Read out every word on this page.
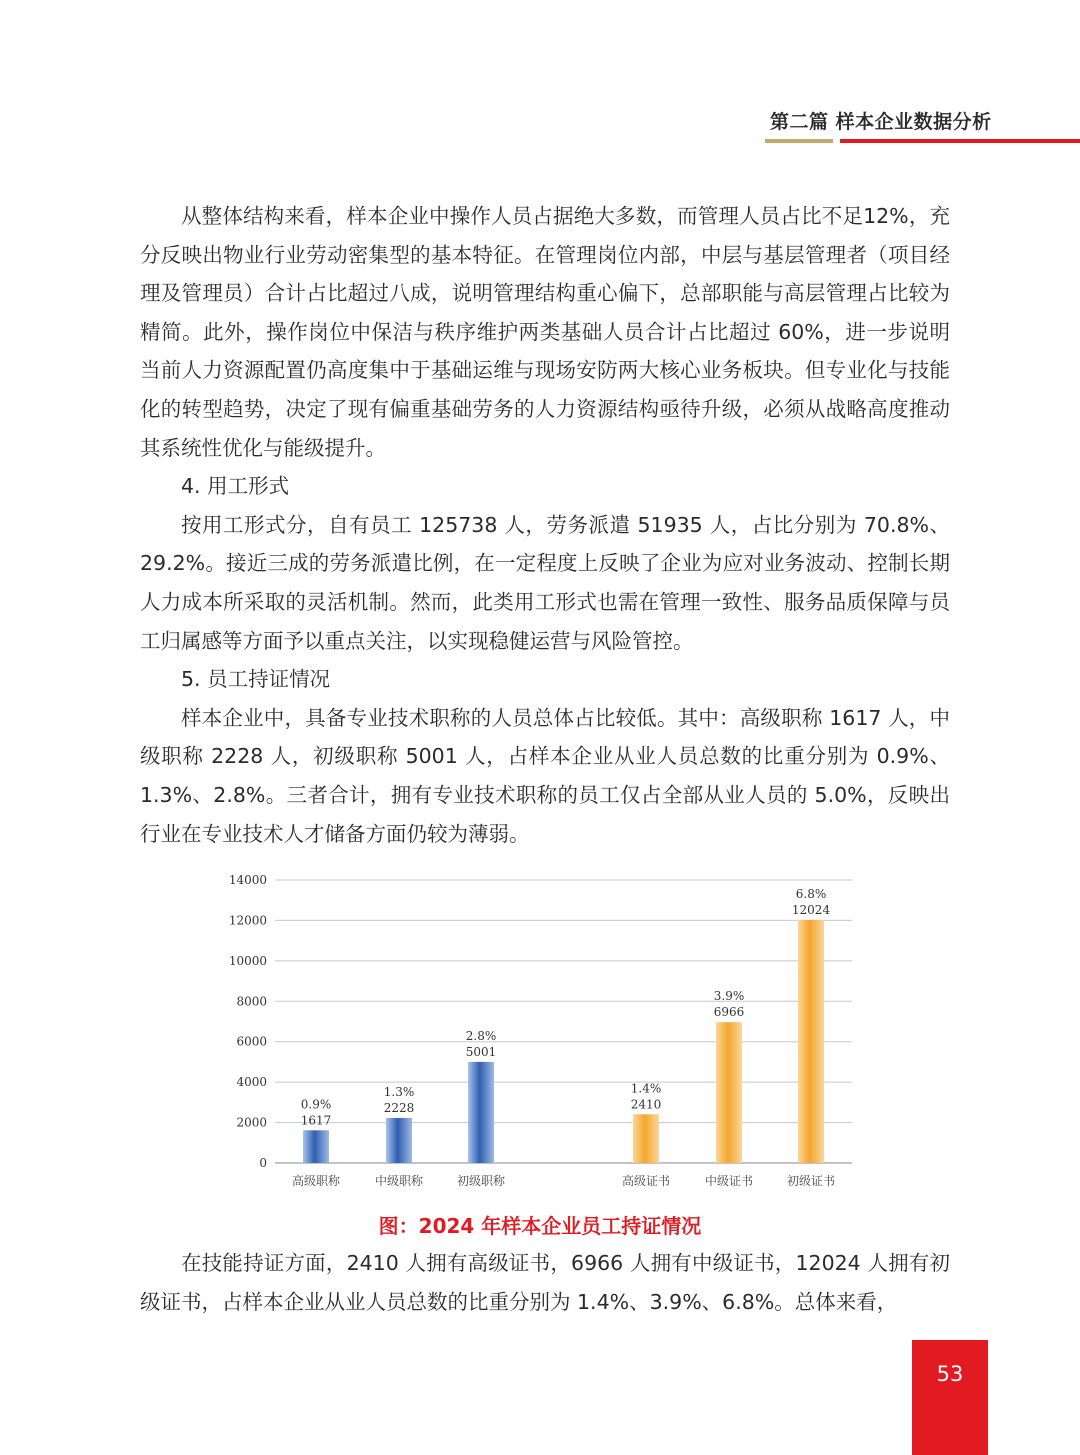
第二篇 样本企业数据分析

从整体结构来看，样本企业中操作人员占据绝大多数，而管理人员占比不足12%，充分反映出物业行业劳动密集型的基本特征。在管理岗位内部，中层与基层管理者（项目经理及管理员）合计占比超过八成，说明管理结构重心偏下，总部职能与高层管理占比较为精简。此外，操作岗位中保洁与秩序维护两类基础人员合计占比超过 60%，进一步说明当前人力资源配置仍高度集中于基础运维与现场安防两大核心业务板块。但专业化与技能化的转型趋势，决定了现有偏重基础劳务的人力资源结构亟待升级，必须从战略高度推动其系统性优化与能级提升。

4. 用工形式

按用工形式分，自有员工 125738 人，劳务派遣 51935 人，占比分别为 70.8%、29.2%。接近三成的劳务派遣比例，在一定程度上反映了企业为应对业务波动、控制长期人力成本所采取的灵活机制。然而，此类用工形式也需在管理一致性、服务品质保障与员工归属感等方面予以重点关注，以实现稳健运营与风险管控。

5. 员工持证情况

样本企业中，具备专业技术职称的人员总体占比较低。其中：高级职称 1617 人，中级职称 2228 人，初级职称 5001 人，占样本企业从业人员总数的比重分别为 0.9%、1.3%、2.8%。三者合计，拥有专业技术职称的员工仅占全部从业人员的 5.0%，反映出行业在专业技术人才储备方面仍较为薄弱。

0
2000
4000
6000
8000
10000
12000
14000
0.9%
1617
高级职称
1.3%
2228
中级职称
2.8%
5001
初级职称
1.4%
2410
高级证书
3.9%
6966
中级证书
6.8%
12024
初级证书
图：2024 年样本企业员工持证情况

在技能持证方面，2410 人拥有高级证书，6966 人拥有中级证书，12024 人拥有初级证书，占样本企业从业人员总数的比重分别为 1.4%、3.9%、6.8%。总体来看，

53
